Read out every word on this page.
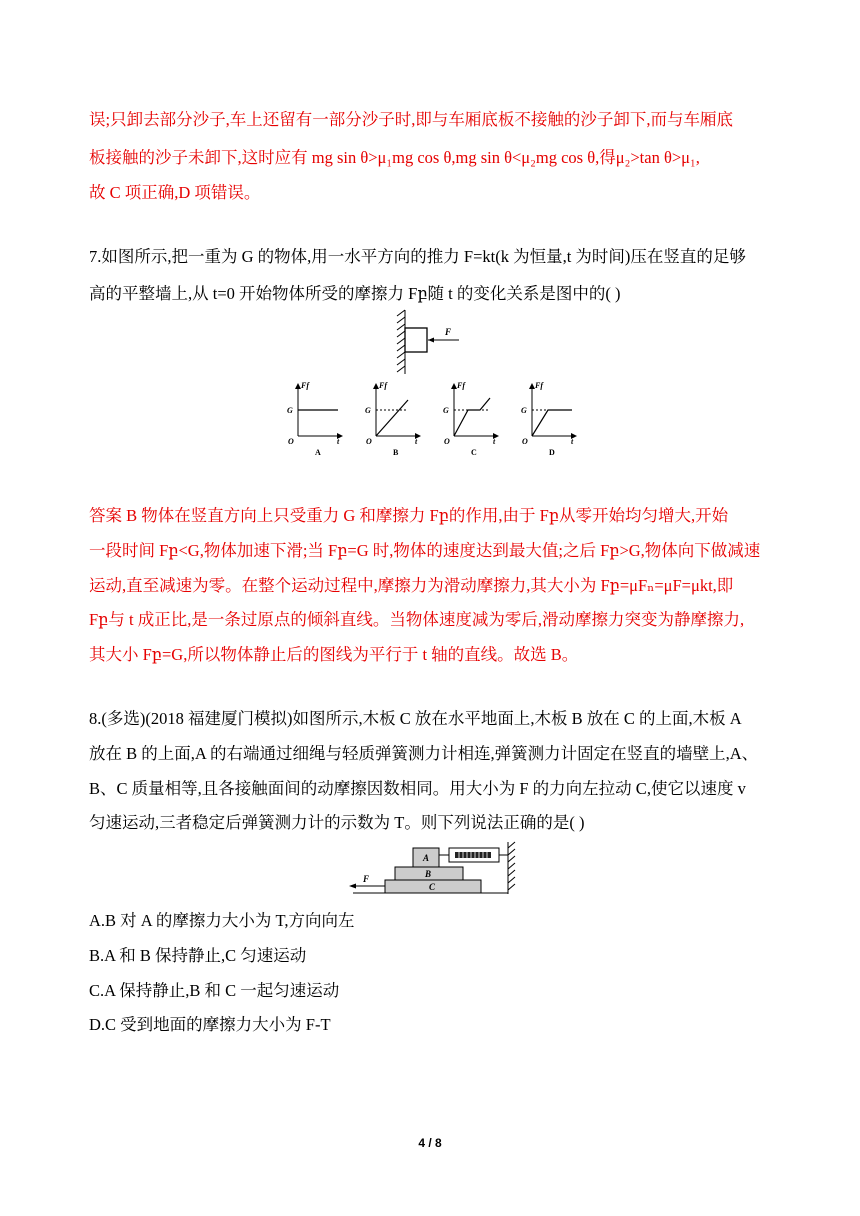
误;只卸去部分沙子,车上还留有一部分沙子时,即与车厢底板不接触的沙子卸下,而与车厢底
板接触的沙子未卸下,这时应有 mg sin θ>μ₁mg cos θ,mg sin θ<μ₂mg cos θ,得μ₂>tan θ>μ₁,
故 C 项正确,D 项错误。
7.如图所示,把一重为 G 的物体,用一水平方向的推力 F=kt(k 为恒量,t 为时间)压在竖直的足够
高的平整墙上,从 t=0 开始物体所受的摩擦力 Fբ随 t 的变化关系是图中的( )
F
Ff
t
O
G
A
Ff
t
O
G
B
Ff
t
O
G
C
Ff
t
O
G
D
答案 B 物体在竖直方向上只受重力 G 和摩擦力 Fբ的作用,由于 Fբ从零开始均匀增大,开始
一段时间 Fբ<G,物体加速下滑;当 Fբ=G 时,物体的速度达到最大值;之后 Fբ>G,物体向下做减速
运动,直至减速为零。在整个运动过程中,摩擦力为滑动摩擦力,其大小为 Fբ=μFₙ=μF=μkt,即
Fբ与 t 成正比,是一条过原点的倾斜直线。当物体速度减为零后,滑动摩擦力突变为静摩擦力,
其大小 Fբ=G,所以物体静止后的图线为平行于 t 轴的直线。故选 B。
8.(多选)(2018 福建厦门模拟)如图所示,木板 C 放在水平地面上,木板 B 放在 C 的上面,木板 A
放在 B 的上面,A 的右端通过细绳与轻质弹簧测力计相连,弹簧测力计固定在竖直的墙壁上,A、
B、C 质量相等,且各接触面间的动摩擦因数相同。用大小为 F 的力向左拉动 C,使它以速度 v
匀速运动,三者稳定后弹簧测力计的示数为 T。则下列说法正确的是( )
A
B
C
F
A.B 对 A 的摩擦力大小为 T,方向向左
B.A 和 B 保持静止,C 匀速运动
C.A 保持静止,B 和 C 一起匀速运动
D.C 受到地面的摩擦力大小为 F-T
4 / 8
